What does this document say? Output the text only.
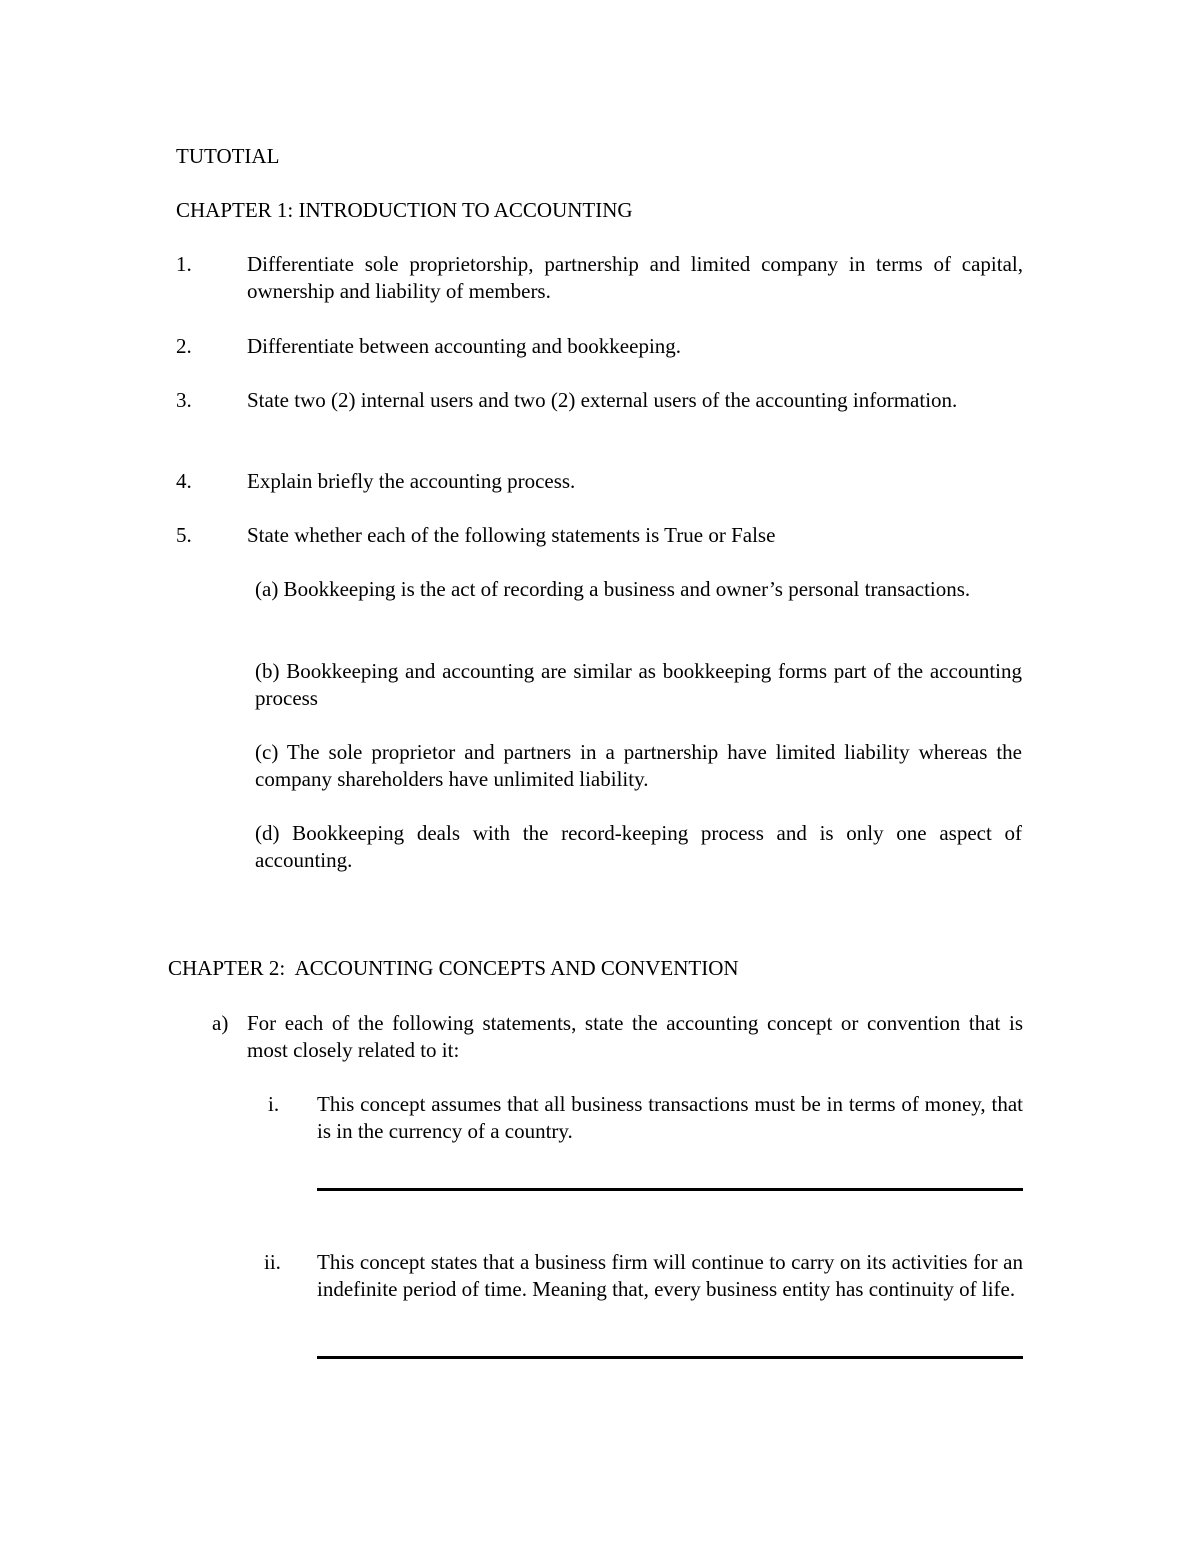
TUTOTIAL
CHAPTER 1: INTRODUCTION TO ACCOUNTING
1.	Differentiate sole proprietorship, partnership and limited company in terms of capital, ownership and liability of members.
2.	Differentiate between accounting and bookkeeping.
3.	State two (2) internal users and two (2) external users of the accounting information.
4.	Explain briefly the accounting process.
5.	State whether each of the following statements is True or False
(a) Bookkeeping is the act of recording a business and owner’s personal transactions.
(b) Bookkeeping and accounting are similar as bookkeeping forms part of the accounting process
(c) The sole proprietor and partners in a partnership have limited liability whereas the company shareholders have unlimited liability.
(d) Bookkeeping deals with the record-keeping process and is only one aspect of accounting.
CHAPTER 2:  ACCOUNTING CONCEPTS AND CONVENTION
a) For each of the following statements, state the accounting concept or convention that is most closely related to it:
i. This concept assumes that all business transactions must be in terms of money, that is in the currency of a country.
ii. This concept states that a business firm will continue to carry on its activities for an indefinite period of time. Meaning that, every business entity has continuity of life.
